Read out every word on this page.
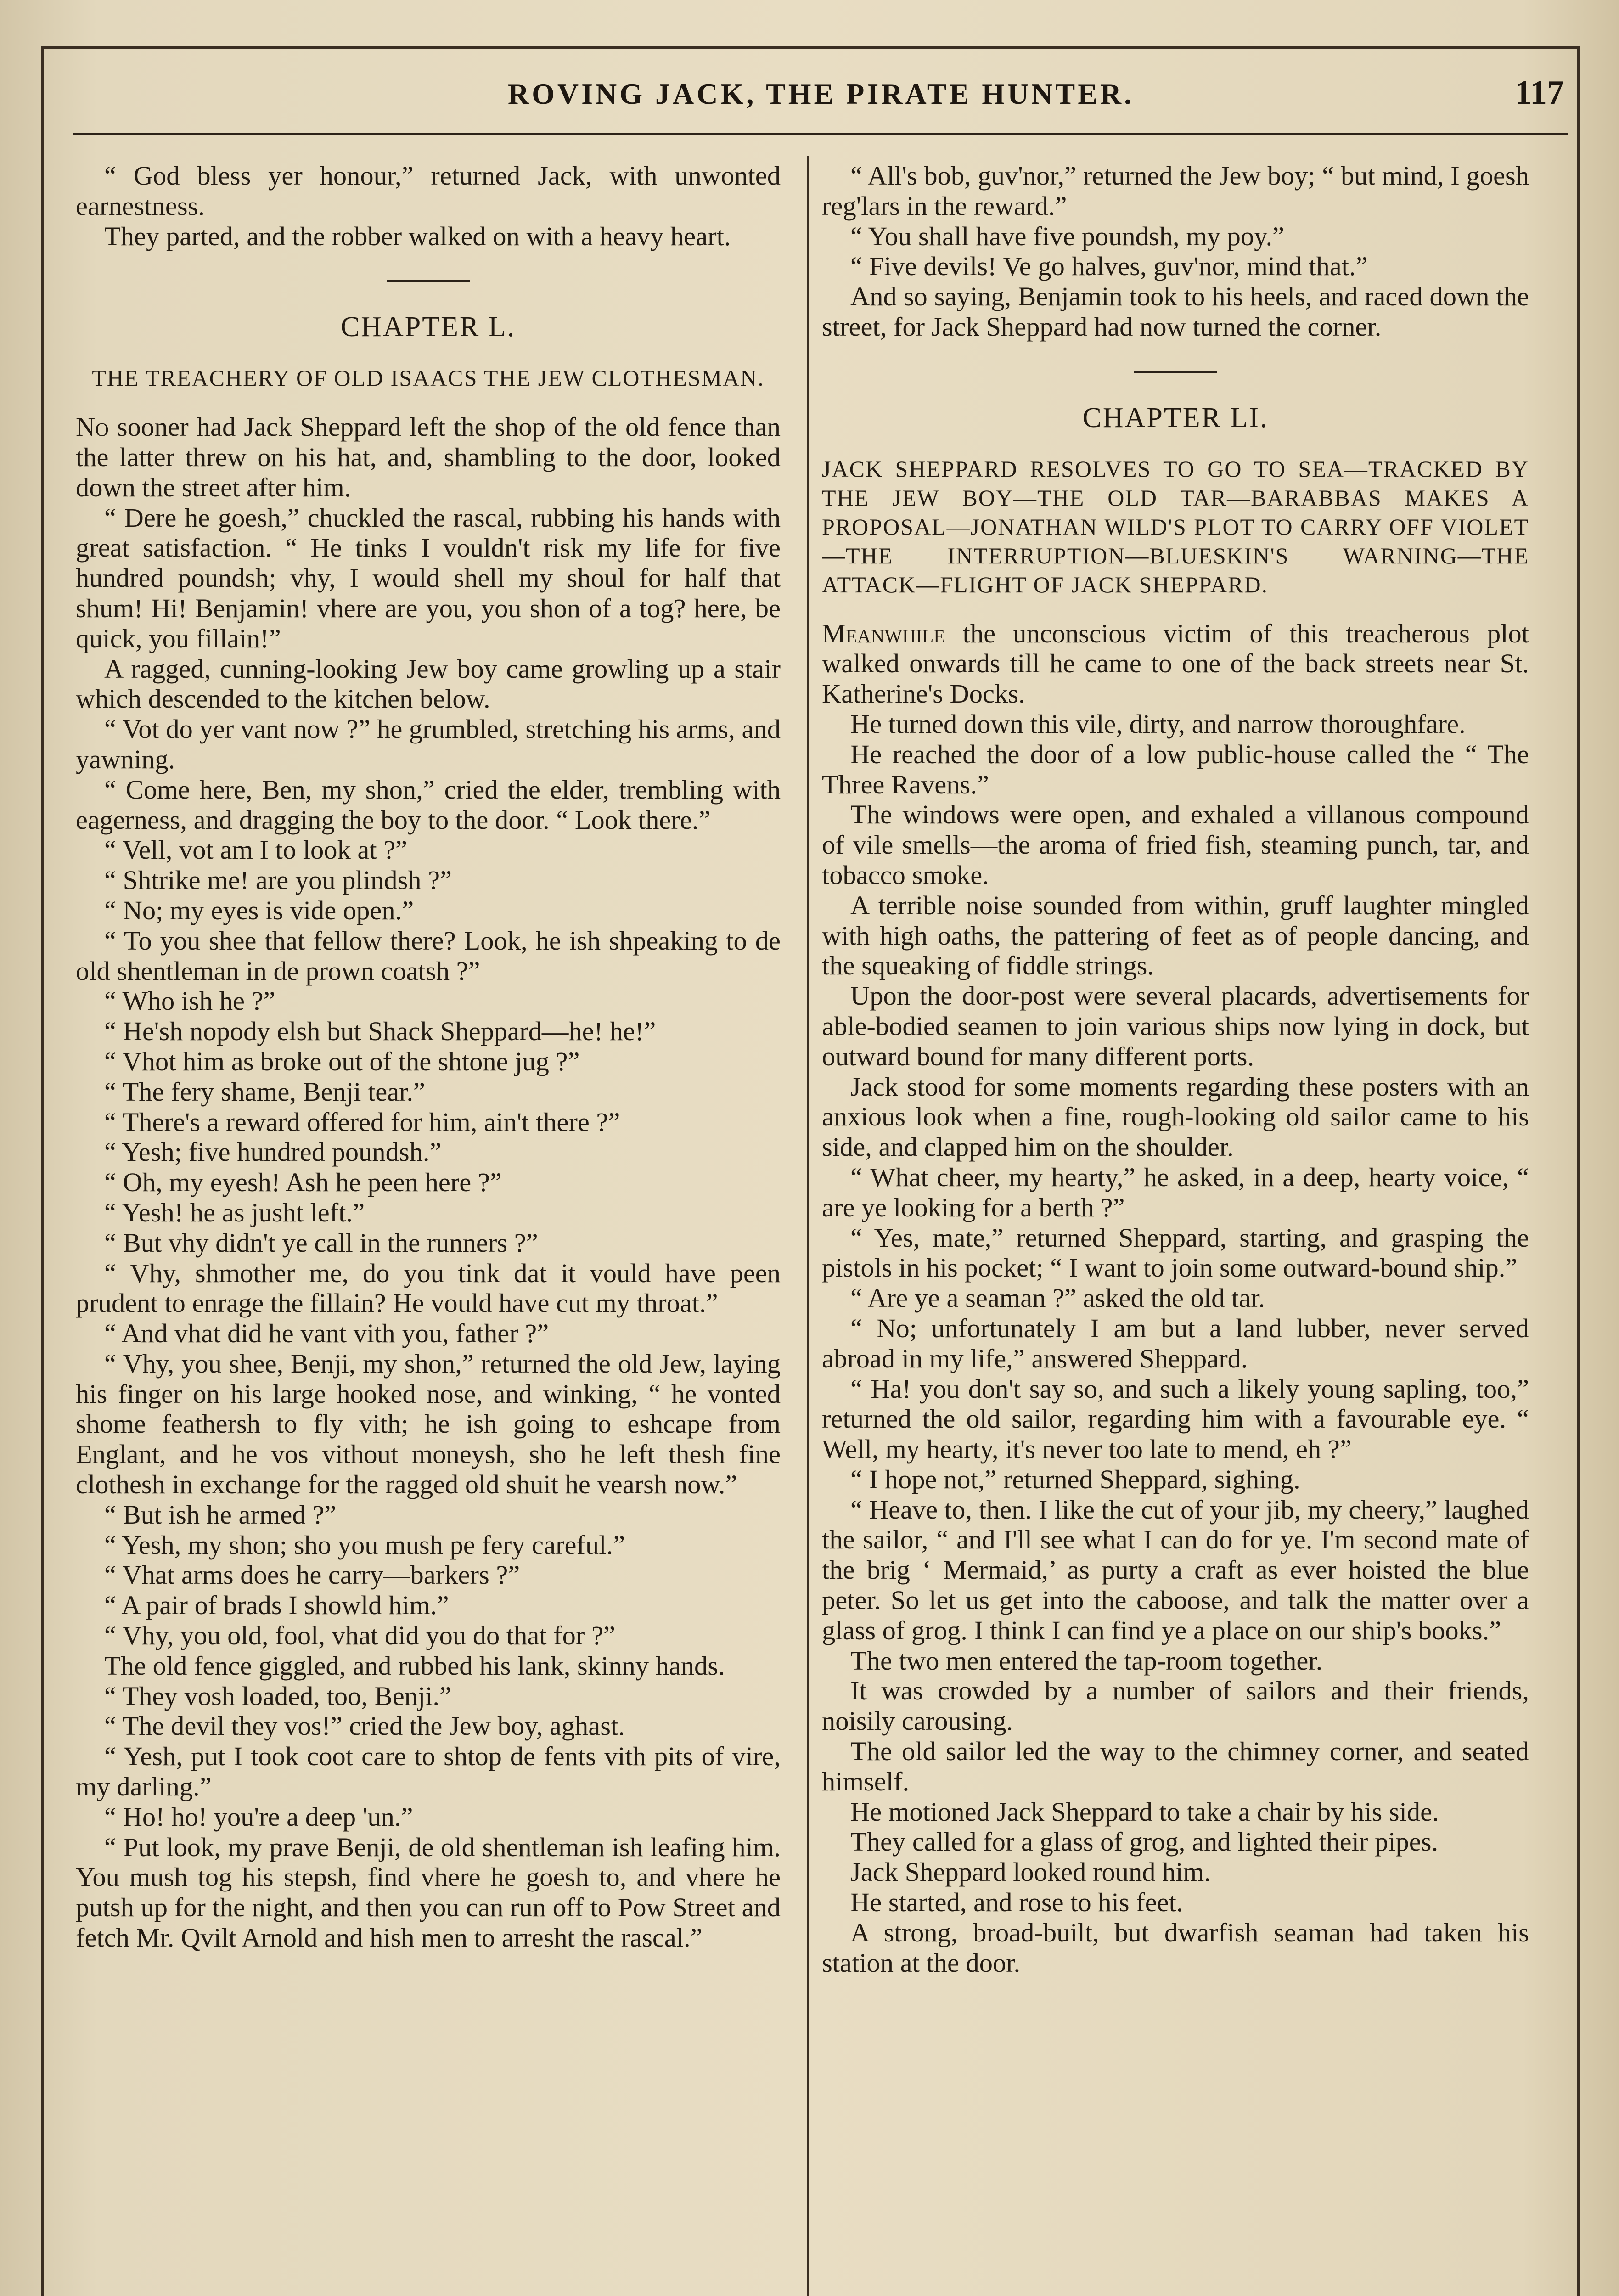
ROVING JACK, THE PIRATE HUNTER.	117

“ God bless yer honour,” returned Jack, with unwonted earnestness.

They parted, and the robber walked on with a heavy heart.

CHAPTER L.
THE TREACHERY OF OLD ISAACS THE JEW CLOTHESMAN.

No sooner had Jack Sheppard left the shop of the old fence than the latter threw on his hat, and, shambling to the door, looked down the street after him.

“ Dere he goesh,” chuckled the rascal, rubbing his hands with great satisfaction. “ He tinks I vouldn't risk my life for five hundred poundsh; vhy, I would shell my shoul for half that shum! Hi! Benjamin! vhere are you, you shon of a tog? here, be quick, you fillain!”

A ragged, cunning-looking Jew boy came growling up a stair which descended to the kitchen below.

“ Vot do yer vant now ?” he grumbled, stretching his arms, and yawning.

“ Come here, Ben, my shon,” cried the elder, trembling with eagerness, and dragging the boy to the door. “ Look there.”

“ Vell, vot am I to look at ?”

“ Shtrike me! are you plindsh ?”

“ No; my eyes is vide open.”

“ To you shee that fellow there? Look, he ish shpeaking to de old shentleman in de prown coatsh ?”

“ Who ish he ?”

“ He'sh nopody elsh but Shack Sheppard—he! he!”

“ Vhot him as broke out of the shtone jug ?”

“ The fery shame, Benji tear.”

“ There's a reward offered for him, ain't there ?”

“ Yesh; five hundred poundsh.”

“ Oh, my eyesh! Ash he peen here ?”

“ Yesh! he as jusht left.”

“ But vhy didn't ye call in the runners ?”

“ Vhy, shmother me, do you tink dat it vould have peen prudent to enrage the fillain? He vould have cut my throat.”

“ And vhat did he vant vith you, father ?”

“ Vhy, you shee, Benji, my shon,” returned the old Jew, laying his finger on his large hooked nose, and winking, “ he vonted shome feathersh to fly vith; he ish going to eshcape from Englant, and he vos vithout moneysh, sho he left thesh fine clothesh in exchange for the ragged old shuit he vearsh now.”

“ But ish he armed ?”

“ Yesh, my shon; sho you mush pe fery careful.”

“ Vhat arms does he carry—barkers ?”

“ A pair of brads I showld him.”

“ Vhy, you old, fool, vhat did you do that for ?”

The old fence giggled, and rubbed his lank, skinny hands.

“ They vosh loaded, too, Benji.”

“ The devil they vos!” cried the Jew boy, aghast.

“ Yesh, put I took coot care to shtop de fents vith pits of vire, my darling.”

“ Ho! ho! you're a deep 'un.”

“ Put look, my prave Benji, de old shentleman ish leafing him. You mush tog his stepsh, find vhere he goesh to, and vhere he putsh up for the night, and then you can run off to Pow Street and fetch Mr. Qvilt Arnold and hish men to arresht the rascal.”

“ All's bob, guv'nor,” returned the Jew boy; “ but mind, I goesh reg'lars in the reward.”

“ You shall have five poundsh, my poy.”

“ Five devils! Ve go halves, guv'nor, mind that.”

And so saying, Benjamin took to his heels, and raced down the street, for Jack Sheppard had now turned the corner.

CHAPTER LI.
JACK SHEPPARD RESOLVES TO GO TO SEA—TRACKED BY THE JEW BOY—THE OLD TAR—BARABBAS MAKES A PROPOSAL—JONATHAN WILD'S PLOT TO CARRY OFF VIOLET—THE INTERRUPTION—BLUESKIN'S WARNING—THE ATTACK—FLIGHT OF JACK SHEPPARD.

Meanwhile the unconscious victim of this treacherous plot walked onwards till he came to one of the back streets near St. Katherine's Docks.

He turned down this vile, dirty, and narrow thoroughfare.

He reached the door of a low public-house called the “ The Three Ravens.”

The windows were open, and exhaled a villanous compound of vile smells—the aroma of fried fish, steaming punch, tar, and tobacco smoke.

A terrible noise sounded from within, gruff laughter mingled with high oaths, the pattering of feet as of people dancing, and the squeaking of fiddle strings.

Upon the door-post were several placards, advertisements for able-bodied seamen to join various ships now lying in dock, but outward bound for many different ports.

Jack stood for some moments regarding these posters with an anxious look when a fine, rough-looking old sailor came to his side, and clapped him on the shoulder.

“ What cheer, my hearty,” he asked, in a deep, hearty voice, “ are ye looking for a berth ?”

“ Yes, mate,” returned Sheppard, starting, and grasping the pistols in his pocket; “ I want to join some outward-bound ship.”

“ Are ye a seaman ?” asked the old tar.

“ No; unfortunately I am but a land lubber, never served abroad in my life,” answered Sheppard.

“ Ha! you don't say so, and such a likely young sapling, too,” returned the old sailor, regarding him with a favourable eye. “ Well, my hearty, it's never too late to mend, eh ?”

“ I hope not,” returned Sheppard, sighing.

“ Heave to, then. I like the cut of your jib, my cheery,” laughed the sailor, “ and I'll see what I can do for ye. I'm second mate of the brig ‘ Mermaid,’ as purty a craft as ever hoisted the blue peter. So let us get into the caboose, and talk the matter over a glass of grog. I think I can find ye a place on our ship's books.”

The two men entered the tap-room together.

It was crowded by a number of sailors and their friends, noisily carousing.

The old sailor led the way to the chimney corner, and seated himself.

He motioned Jack Sheppard to take a chair by his side.

They called for a glass of grog, and lighted their pipes.

Jack Sheppard looked round him.

He started, and rose to his feet.

A strong, broad-built, but dwarfish seaman had taken his station at the door.
